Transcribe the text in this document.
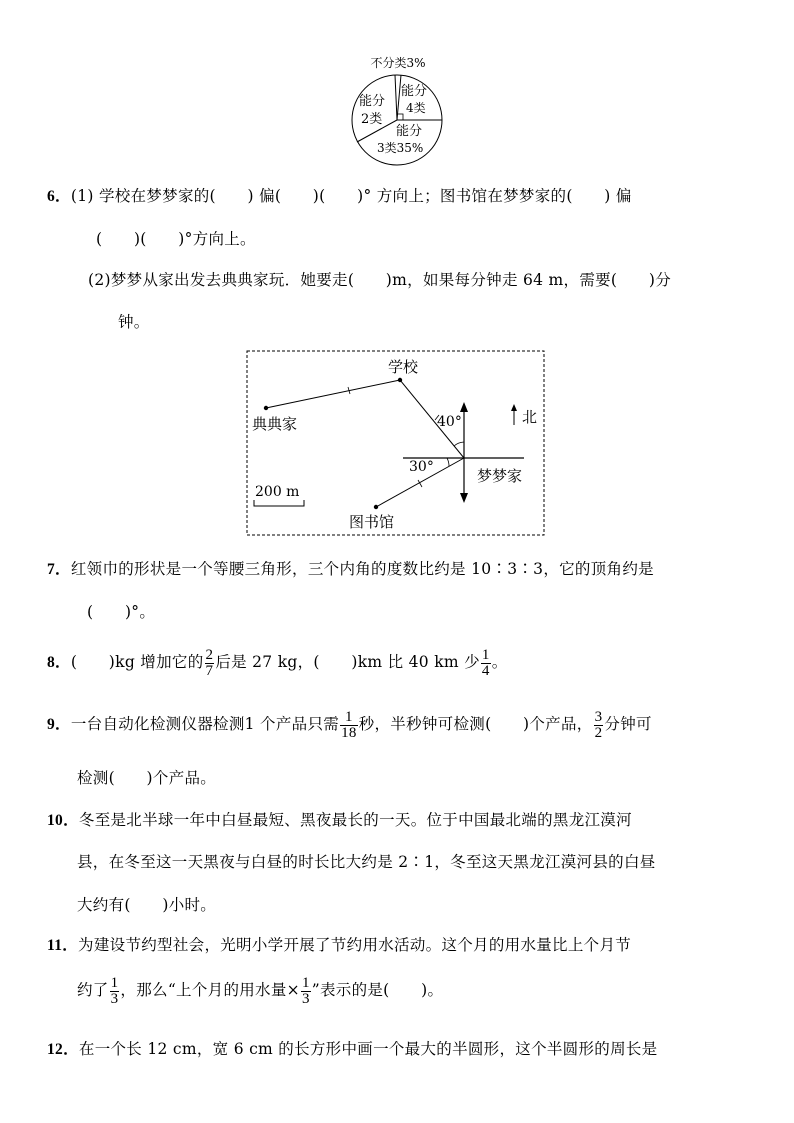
不分类3%
能分
2类
能分
4类
能分
3类35%
6．(1) 学校在梦梦家的(　　) 偏(　　)(　　)° 方向上；图书馆在梦梦家的(　　) 偏
(　　)(　　)°方向上。
(2)梦梦从家出发去典典家玩．她要走(　　)m，如果每分钟走 64 m，需要(　　)分
钟。
学校
典典家
梦梦家
图书馆
北
40°
30°
200 m
7．红领巾的形状是一个等腰三角形，三个内角的度数比约是 10∶3∶3，它的顶角约是
(　　)°。
8．(　　)kg 增加它的 $\frac{2}{7}$ 后是 27 kg，(　　)km 比 40 km 少 $\frac{1}{4}$ 。
9．一台自动化检测仪器检测1 个产品只需 $\frac{1}{18}$ 秒，半秒钟可检测(　　)个产品， $\frac{3}{2}$ 分钟可
检测(　　)个产品。
10．冬至是北半球一年中白昼最短、黑夜最长的一天。位于中国最北端的黑龙江漠河
县，在冬至这一天黑夜与白昼的时长比大约是 2∶1，冬至这天黑龙江漠河县的白昼
大约有(　　)小时。
11．为建设节约型社会，光明小学开展了节约用水活动。这个月的用水量比上个月节
约了 $\frac{1}{3}$ ，那么“上个月的用水量× $\frac{1}{3}$ ”表示的是(　　)。
12．在一个长 12 cm，宽 6 cm 的长方形中画一个最大的半圆形，这个半圆形的周长是
